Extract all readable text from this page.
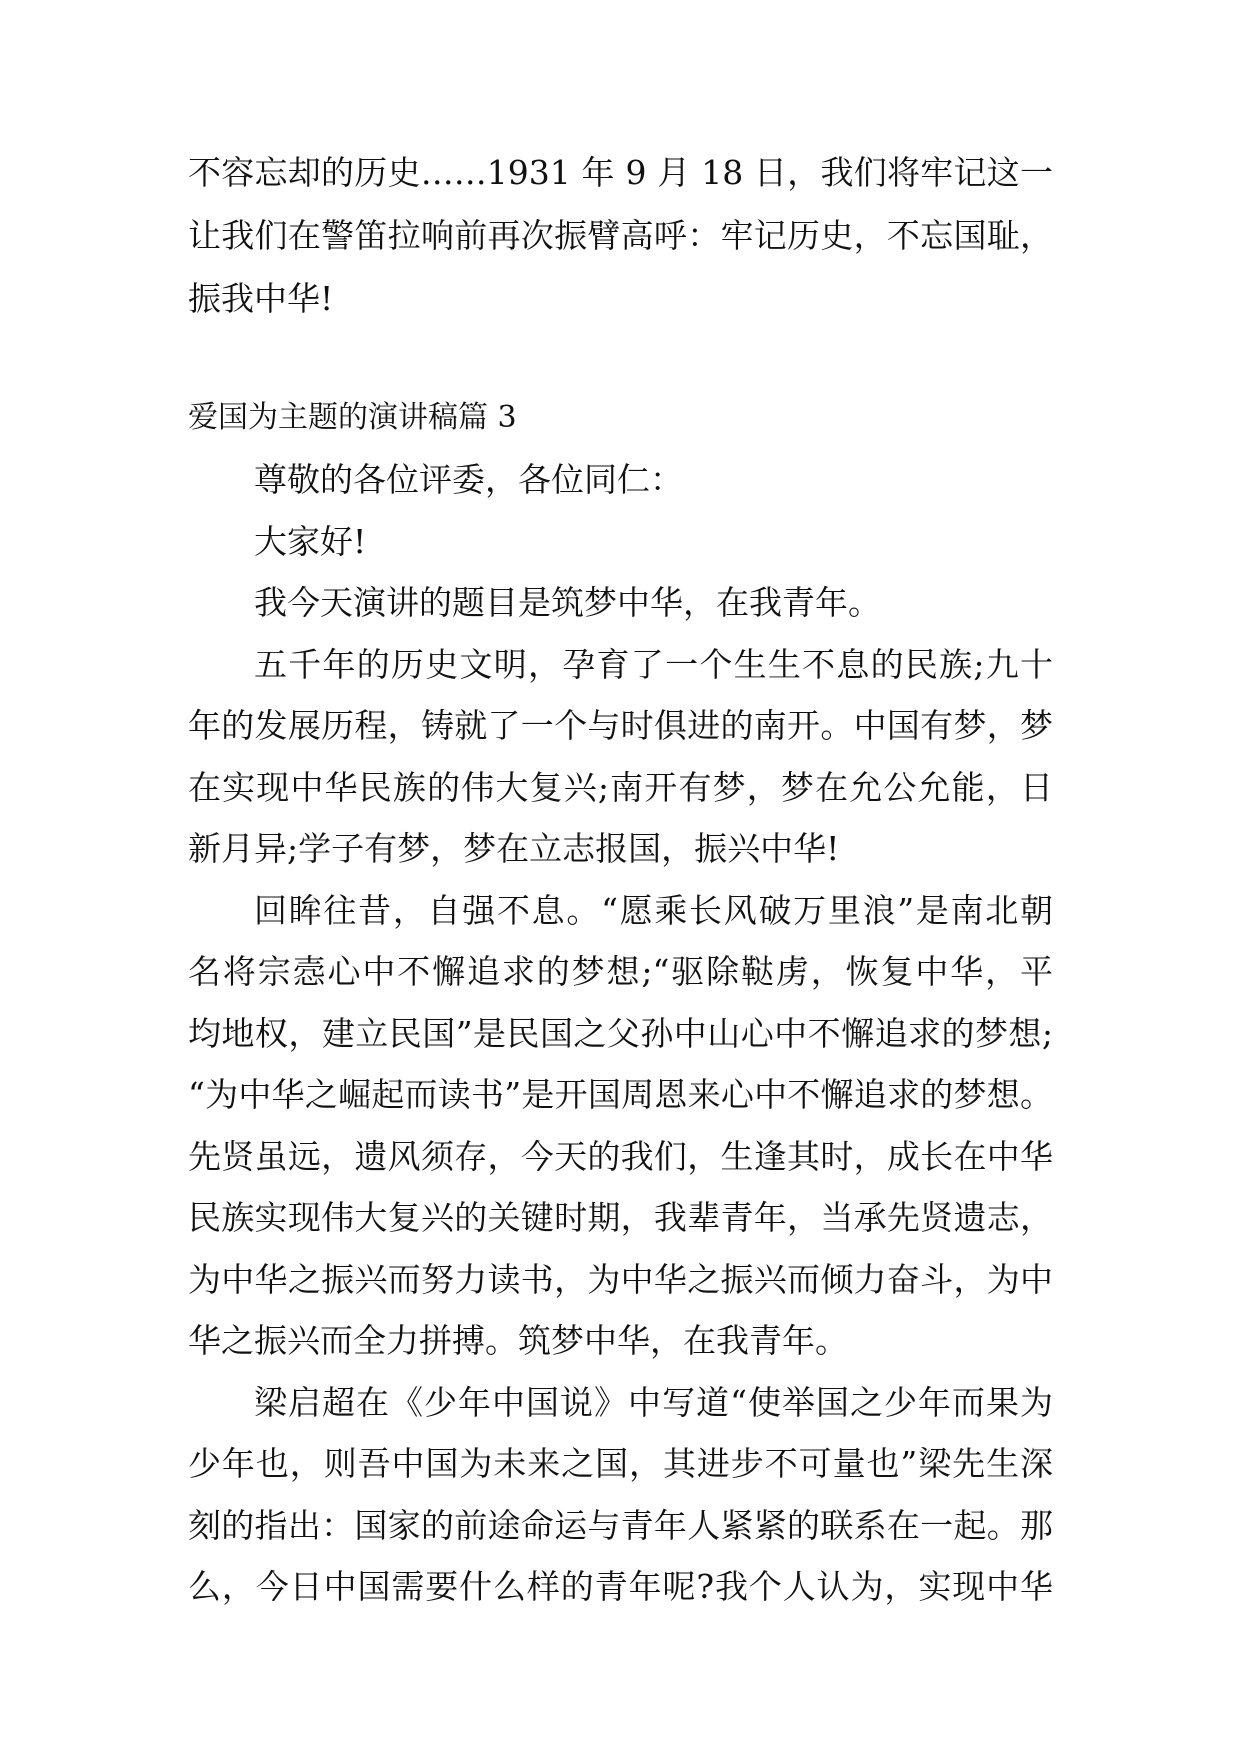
不容忘却的历史……1931 年 9 月 18 日，我们将牢记这一
让我们在警笛拉响前再次振臂高呼：牢记历史，不忘国耻，
振我中华!
爱国为主题的演讲稿篇 3
尊敬的各位评委，各位同仁：
大家好!
我今天演讲的题目是筑梦中华，在我青年。
五千年的历史文明，孕育了一个生生不息的民族;九十
年的发展历程，铸就了一个与时俱进的南开。中国有梦，梦
在实现中华民族的伟大复兴;南开有梦，梦在允公允能，日
新月异;学子有梦，梦在立志报国，振兴中华!
回眸往昔，自强不息。“愿乘长风破万里浪”是南北朝
名将宗悫心中不懈追求的梦想;“驱除鞑虏，恢复中华，平
均地权，建立民国”是民国之父孙中山心中不懈追求的梦想;
“为中华之崛起而读书”是开国周恩来心中不懈追求的梦想。
先贤虽远，遗风须存，今天的我们，生逢其时，成长在中华
民族实现伟大复兴的关键时期，我辈青年，当承先贤遗志，
为中华之振兴而努力读书，为中华之振兴而倾力奋斗，为中
华之振兴而全力拼搏。筑梦中华，在我青年。
梁启超在《少年中国说》中写道“使举国之少年而果为
少年也，则吾中国为未来之国，其进步不可量也”梁先生深
刻的指出：国家的前途命运与青年人紧紧的联系在一起。那
么，今日中国需要什么样的青年呢?我个人认为，实现中华
